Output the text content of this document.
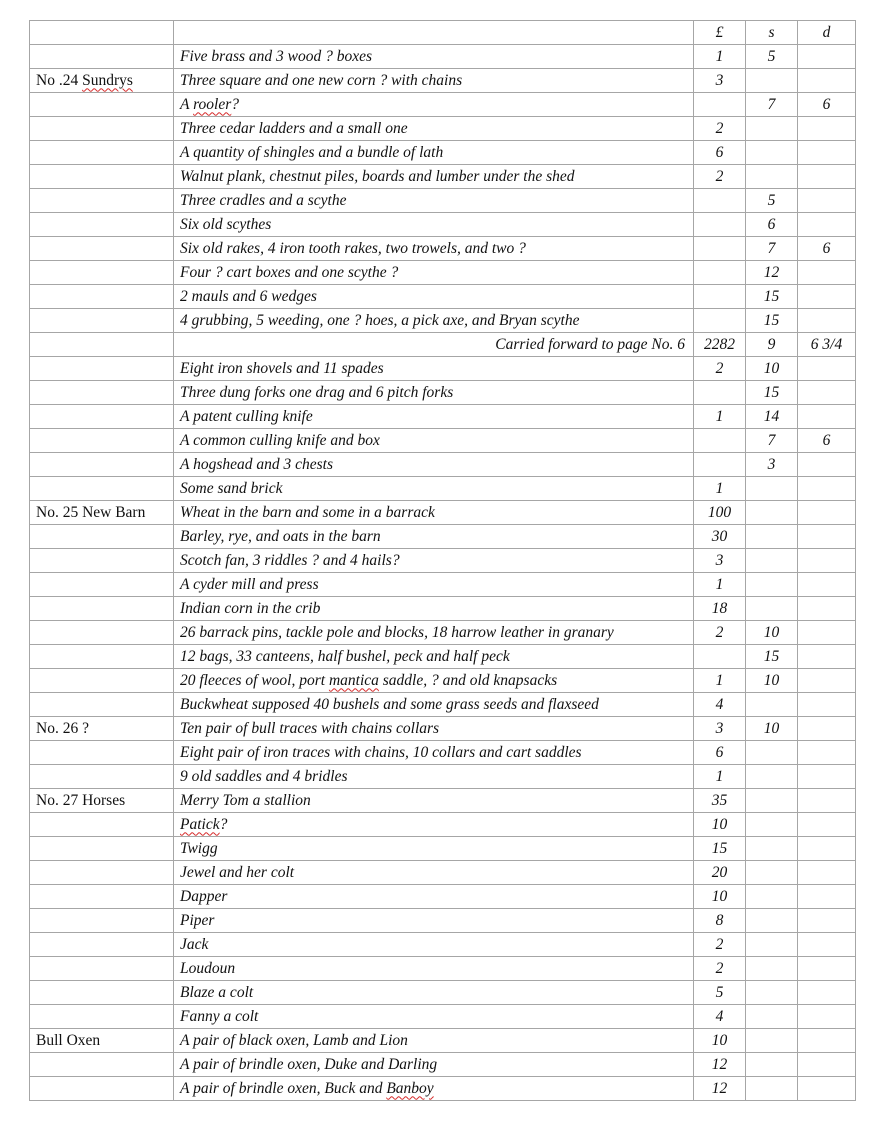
		£	s	d
	Five brass and 3 wood ? boxes	1	5	
No .24 Sundrys	Three square and one new corn ? with chains	3		
	A rooler?		7	6
	Three cedar ladders and a small one	2		
	A quantity of shingles and a bundle of lath	6		
	Walnut plank, chestnut piles, boards and lumber under the shed	2		
	Three cradles and a scythe		5	
	Six old scythes		6	
	Six old rakes, 4 iron tooth rakes, two trowels, and two ?		7	6
	Four ? cart boxes and one scythe ?		12	
	2 mauls and 6 wedges		15	
	4 grubbing, 5 weeding, one ? hoes, a pick axe, and Bryan scythe		15	
	Carried forward to page No. 6	2282	9	6 3/4
	Eight iron shovels and 11 spades	2	10	
	Three dung forks one drag and 6 pitch forks		15	
	A patent culling knife	1	14	
	A common culling knife and box		7	6
	A hogshead and 3 chests		3	
	Some sand brick	1		
No. 25 New Barn	Wheat in the barn and some in a barrack	100		
	Barley, rye, and oats in the barn	30		
	Scotch fan, 3 riddles ? and 4 hails?	3		
	A cyder mill and press	1		
	Indian corn in the crib	18		
	26 barrack pins, tackle pole and blocks, 18 harrow leather in granary	2	10	
	12 bags, 33 canteens, half bushel, peck and half peck		15	
	20 fleeces of wool, port mantica saddle, ? and old knapsacks	1	10	
	Buckwheat supposed 40 bushels and some grass seeds and flaxseed	4		
No. 26 ?	Ten pair of bull traces with chains collars	3	10	
	Eight pair of iron traces with chains, 10 collars and cart saddles	6		
	9 old saddles and 4 bridles	1		
No. 27 Horses	Merry Tom a stallion	35		
	Patick?	10		
	Twigg	15		
	Jewel and her colt	20		
	Dapper	10		
	Piper	8		
	Jack	2		
	Loudoun	2		
	Blaze a colt	5		
	Fanny a colt	4		
Bull Oxen	A pair of black oxen, Lamb and Lion	10		
	A pair of brindle oxen, Duke and Darling	12		
	A pair of brindle oxen, Buck and Banboy	12		
